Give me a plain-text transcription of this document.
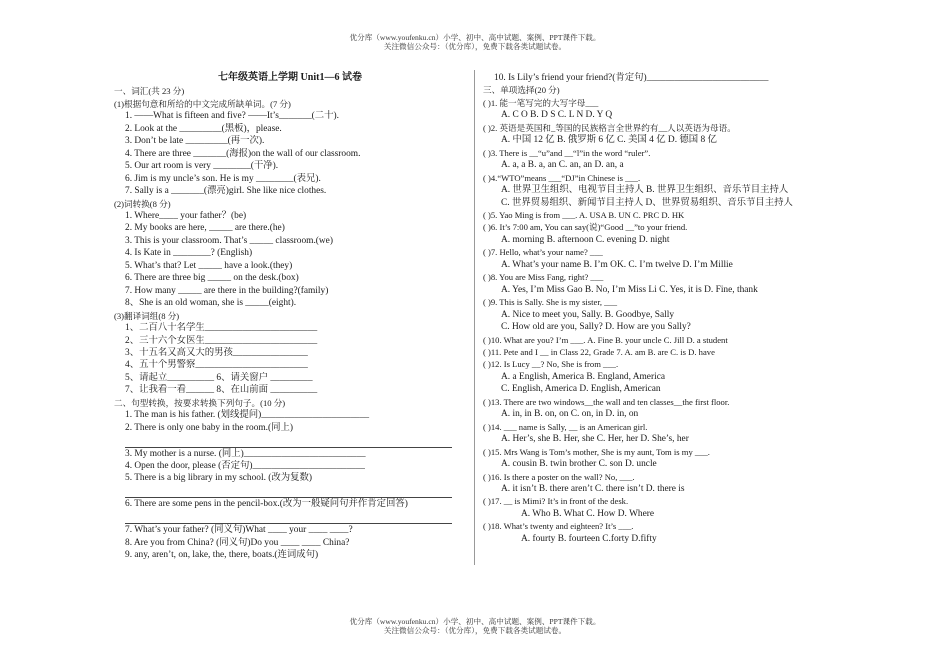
优分库（www.youfenku.cn）小学、初中、高中试题、案例、PPT课件下载。
关注微信公众号：（优分库），免费下载各类试题试卷。
七年级英语上学期 Unit1—6 试卷
一、词汇(共 23 分)
(1)根据句意和所给的中文完成所缺单词。(7 分)
1. ——What is fifteen and five? ——It’s_______(二十).
2. Look at the _________(黑板)，please.
3. Don’t be late _________(再一次).
4. There are three _______(海报)on the wall of our classroom.
5. Our art room is very ________(干净).
6. Jim is my uncle’s son. He is my ________(表兄).
7. Sally is a _______(漂亮)girl. She like nice clothes.
(2)词转换(8 分)
1. Where____ your father？(be)
2. My books are here, _____ are there.(he)
3. This is your classroom. That’s _____ classroom.(we)
4. Is Kate in ________? (English)
5. What’s that? Let _____ have a look.(they)
6. There are three big _____ on the desk.(box)
7. How many _____ are there in the building?(family)
8、She is an old woman, she is _____(eight).
(3)翻译词组(8 分)
1、二百八十名学生________________________
2、三十六个女医生________________________
3、十五名又高又大的男孩________________
4、五十个男警察________________________
5、请起立__________ 6、请关窗户 _________
7、让我看一看______ 8、在山前面 __________
二、句型转换，按要求转换下列句子。(10 分)
1. The man is his father. (划线提问)_______________________
2. There is only one baby in the room.(同上)
3. My mother is a nurse. (同上)__________________________
4. Open the door, please (否定句)________________________
5. There is a big library in my school. (改为复数)
6. There are some pens in the pencil-box.(改为一般疑问句并作肯定回答)
7. What’s your father? (同义句)What ____ your ____ ____?
8. Are you from China? (同义句)Do you ____ ____ China?
9. any, aren’t, on, lake, the, there, boats.(连词成句)
10. Is Lily’s friend your friend?(肯定句)__________________________
三、单项选择(20 分)
( )1. 能一笔写完的大写字母___
A. C O B. D S C. L N D. Y Q
( )2. 英语是英国和_等国的民族格言全世界约有__人以英语为母语。
A. 中国 12 亿 B. 俄罗斯 6 亿 C. 美国 4 亿 D. 德国 8 亿
( )3. There is __“u”and __“l”in the word “ruler”.
A. a, a B. a, an C. an, an D. an, a
( )4.“WTO”means ___“DJ”in Chinese is ___.
A. 世界卫生组织、电视节目主持人 B. 世界卫生组织、音乐节目主持人
C. 世界贸易组织、新闻节目主持人 D、世界贸易组织、音乐节目主持人
( )5. Yao Ming is from ___. A. USA B. UN C. PRC D. HK
( )6. It’s 7:00 am, You can say(说)“Good __”to your friend.
A. morning B. afternoon C. evening D. night
( )7. Hello, what’s your name? ___
A. What’s your name B. I’m OK. C. I’m twelve D. I’m Millie
( )8. You are Miss Fang, right? ___
A. Yes, I’m Miss Gao B. No, I’m Miss Li C. Yes, it is D. Fine, thank
( )9. This is Sally. She is my sister, ___
A. Nice to meet you, Sally. B. Goodbye, Sally
C. How old are you, Sally? D. How are you Sally?
( )10. What are you? I’m ___. A. Fine B. your uncle C. Jill D. a student
( )11. Pete and I __ in Class 22, Grade 7. A. am B. are C. is D. have
( )12. Is Lucy __? No, She is from ___.
A. a English, America B. England, America
C. English, America D. English, American
( )13. There are two windows__the wall and ten classes__the first floor.
A. in, in B. on, on C. on, in D. in, on
( )14. ___ name is Sally, __ is an American girl.
A. Her’s, she B. Her, she C. Her, her D. She’s, her
( )15. Mrs Wang is Tom’s mother, She is my aunt, Tom is my ___.
A. cousin B. twin brother C. son D. uncle
( )16. Is there a poster on the wall? No, ___.
A. it isn’t B. there aren’t C. there isn’t D. there is
( )17. __ is Mimi? It’s in front of the desk.
A. Who B. What C. How D. Where
( )18. What’s twenty and eighteen? It’s ___.
A. fourty B. fourteen C.forty D.fifty
优分库（www.youfenku.cn）小学、初中、高中试题、案例、PPT课件下载。
关注微信公众号：（优分库），免费下载各类试题试卷。
